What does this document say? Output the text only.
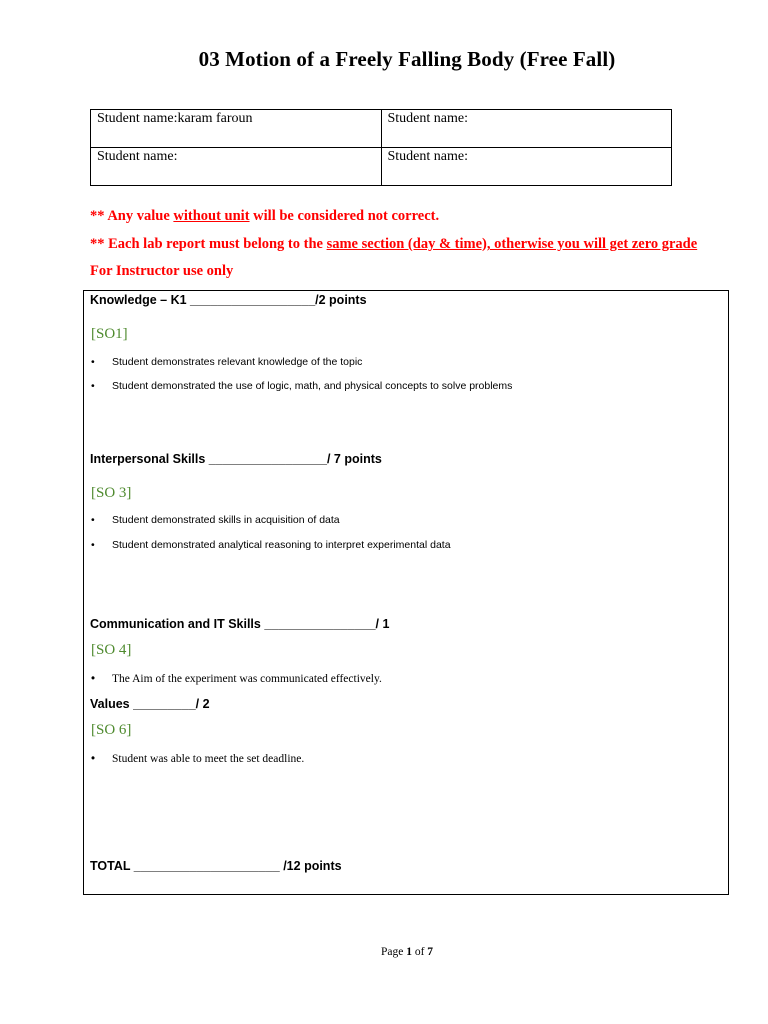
03 Motion of a Freely Falling Body (Free Fall)
Student name:karam faroun	Student name:
Student name:	Student name:
** Any value without unit will be considered not correct.
** Each lab report must belong to the same section (day & time), otherwise you will get zero grade
For Instructor use only
Knowledge – K1 __________________/2 points
[SO1]
• Student demonstrates relevant knowledge of the topic
• Student demonstrated the use of logic, math, and physical concepts to solve problems
Interpersonal Skills _________________/ 7 points
[SO 3]
• Student demonstrated skills in acquisition of data
• Student demonstrated analytical reasoning to interpret experimental data
Communication and IT Skills ________________/ 1
[SO 4]
• The Aim of the experiment was communicated effectively.
Values _________/ 2
[SO 6]
• Student was able to meet the set deadline.
TOTAL _____________________ /12 points
Page 1 of 7
